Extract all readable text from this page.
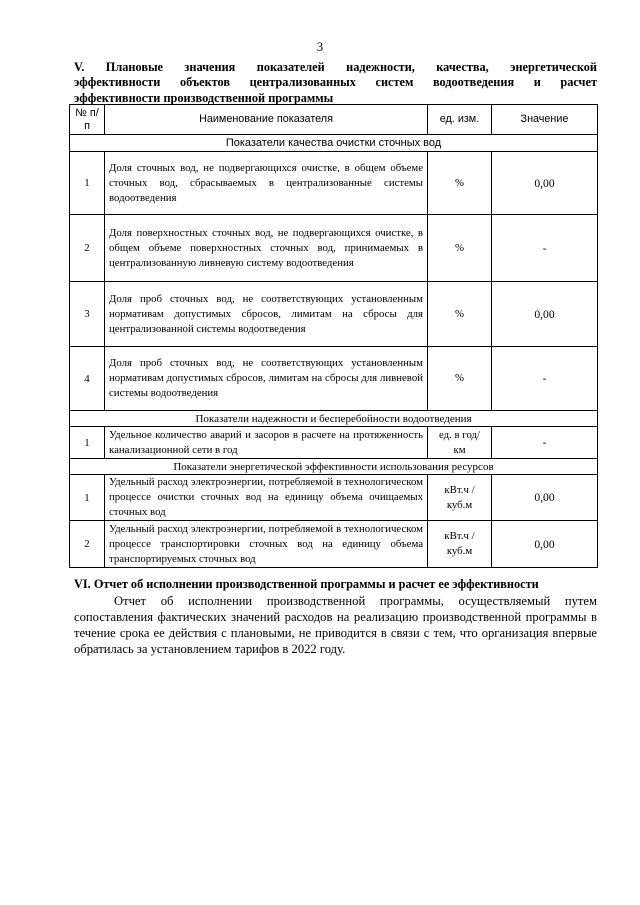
3
V. Плановые значения показателей надежности, качества, энергетической
эффективности объектов централизованных систем водоотведения и расчет
эффективности производственной программы
№ п/п	Наименование показателя	ед. изм.	Значение
Показатели качества очистки сточных вод			
1	Доля сточных вод, не подвергающихся очистке, в общем объеме сточных вод, сбрасываемых в централизованные системы водоотведения	%	0,00
2	Доля поверхностных сточных вод, не подвергающихся очистке, в общем объеме поверхностных сточных вод, принимаемых в централизованную ливневую систему водоотведения	%	-
3	Доля проб сточных вод, не соответствующих установленным нормативам допустимых сбросов, лимитам на сбросы для централизованной системы водоотведения	%	0,00
4	Доля проб сточных вод, не соответствующих установленным нормативам допустимых сбросов, лимитам на сбросы для ливневой системы водоотведения	%	-
Показатели надежности и бесперебойности водоотведения			
1	Удельное количество аварий и засоров в расчете на протяженность канализационной сети в год	ед. в год/ км	-
Показатели энергетической эффективности использования ресурсов			
1	Удельный расход электроэнергии, потребляемой в технологическом процессе очистки сточных вод на единицу объема очищаемых сточных вод	кВт.ч / куб.м	0,00
2	Удельный расход электроэнергии, потребляемой в технологическом процессе транспортировки сточных вод на единицу объема транспортируемых сточных вод	кВт.ч / куб.м	0,00
VI. Отчет об исполнении производственной программы и расчет ее эффективности
Отчет об исполнении производственной программы, осуществляемый путем сопоставления фактических значений расходов на реализацию производственной программы в течение срока ее действия с плановыми, не приводится в связи с тем, что организация впервые обратилась за установлением тарифов в 2022 году.
